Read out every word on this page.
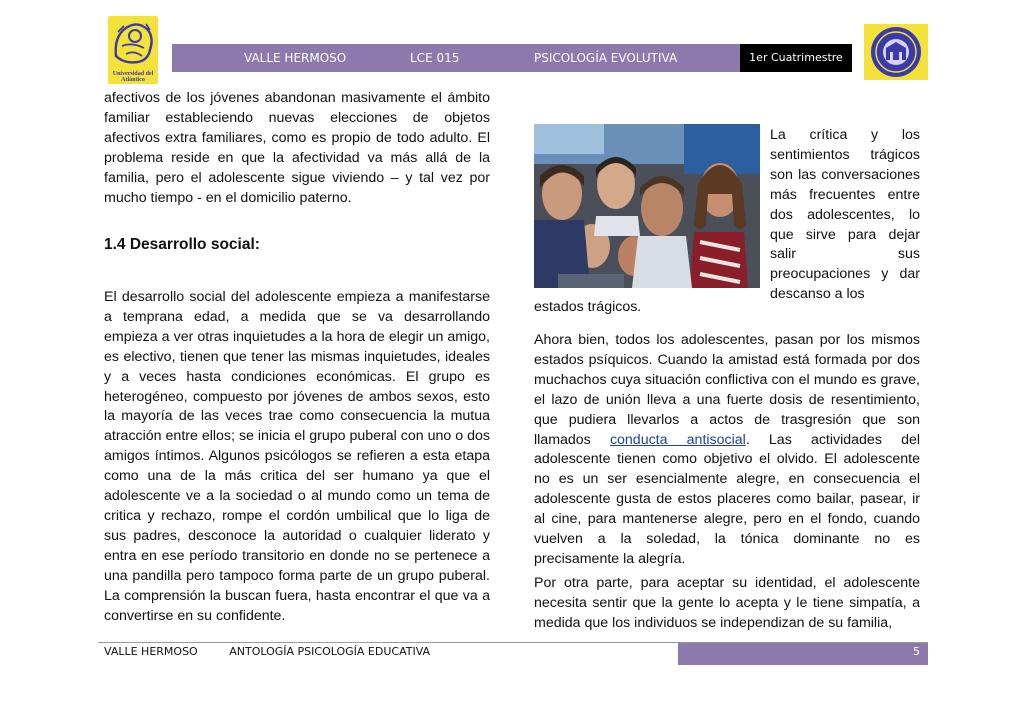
Universidad del Atlántico
VALLE HERMOSO	LCE 015	PSICOLOGÍA EVOLUTIVA	1er Cuatrimestre

afectivos de los jóvenes abandonan masivamente el ámbito familiar estableciendo nuevas elecciones de objetos afectivos extra familiares, como es propio de todo adulto. El problema reside en que la afectividad va más allá de la familia, pero el adolescente sigue viviendo – y tal vez por mucho tiempo - en el domicilio paterno.

1.4 Desarrollo social:

El desarrollo social del adolescente empieza a manifestarse a temprana edad, a medida que se va desarrollando empieza a ver otras inquietudes a la hora de elegir un amigo, es electivo, tienen que tener las mismas inquietudes, ideales y a veces hasta condiciones económicas. El grupo es heterogéneo, compuesto por jóvenes de ambos sexos, esto la mayoría de las veces trae como consecuencia la mutua atracción entre ellos; se inicia el grupo puberal con uno o dos amigos íntimos. Algunos psicólogos se refieren a esta etapa como una de la más critica del ser humano ya que el adolescente ve a la sociedad o al mundo como un tema de critica y rechazo, rompe el cordón umbilical que lo liga de sus padres, desconoce la autoridad o cualquier liderato y entra en ese período transitorio en donde no se pertenece a una pandilla pero tampoco forma parte de un grupo puberal. La comprensión la buscan fuera, hasta encontrar el que va a convertirse en su confidente.

La crítica y los sentimientos trágicos son las conversaciones más frecuentes entre dos adolescentes, lo que sirve para dejar salir sus preocupaciones y dar descanso a los

estados trágicos.

Ahora bien, todos los adolescentes, pasan por los mismos estados psíquicos. Cuando la amistad está formada por dos muchachos cuya situación conflictiva con el mundo es grave, el lazo de unión lleva a una fuerte dosis de resentimiento, que pudiera llevarlos a actos de trasgresión que son llamados conducta antisocial. Las actividades del adolescente tienen como objetivo el olvido. El adolescente no es un ser esencialmente alegre, en consecuencia el adolescente gusta de estos placeres como bailar, pasear, ir al cine, para mantenerse alegre, pero en el fondo, cuando vuelven a la soledad, la tónica dominante no es precisamente la alegría.

Por otra parte, para aceptar su identidad, el adolescente necesita sentir que la gente lo acepta y le tiene simpatía, a medida que los individuos se independizan de su familia,

VALLE HERMOSO	ANTOLOGÍA PSICOLOGÍA EDUCATIVA	5
